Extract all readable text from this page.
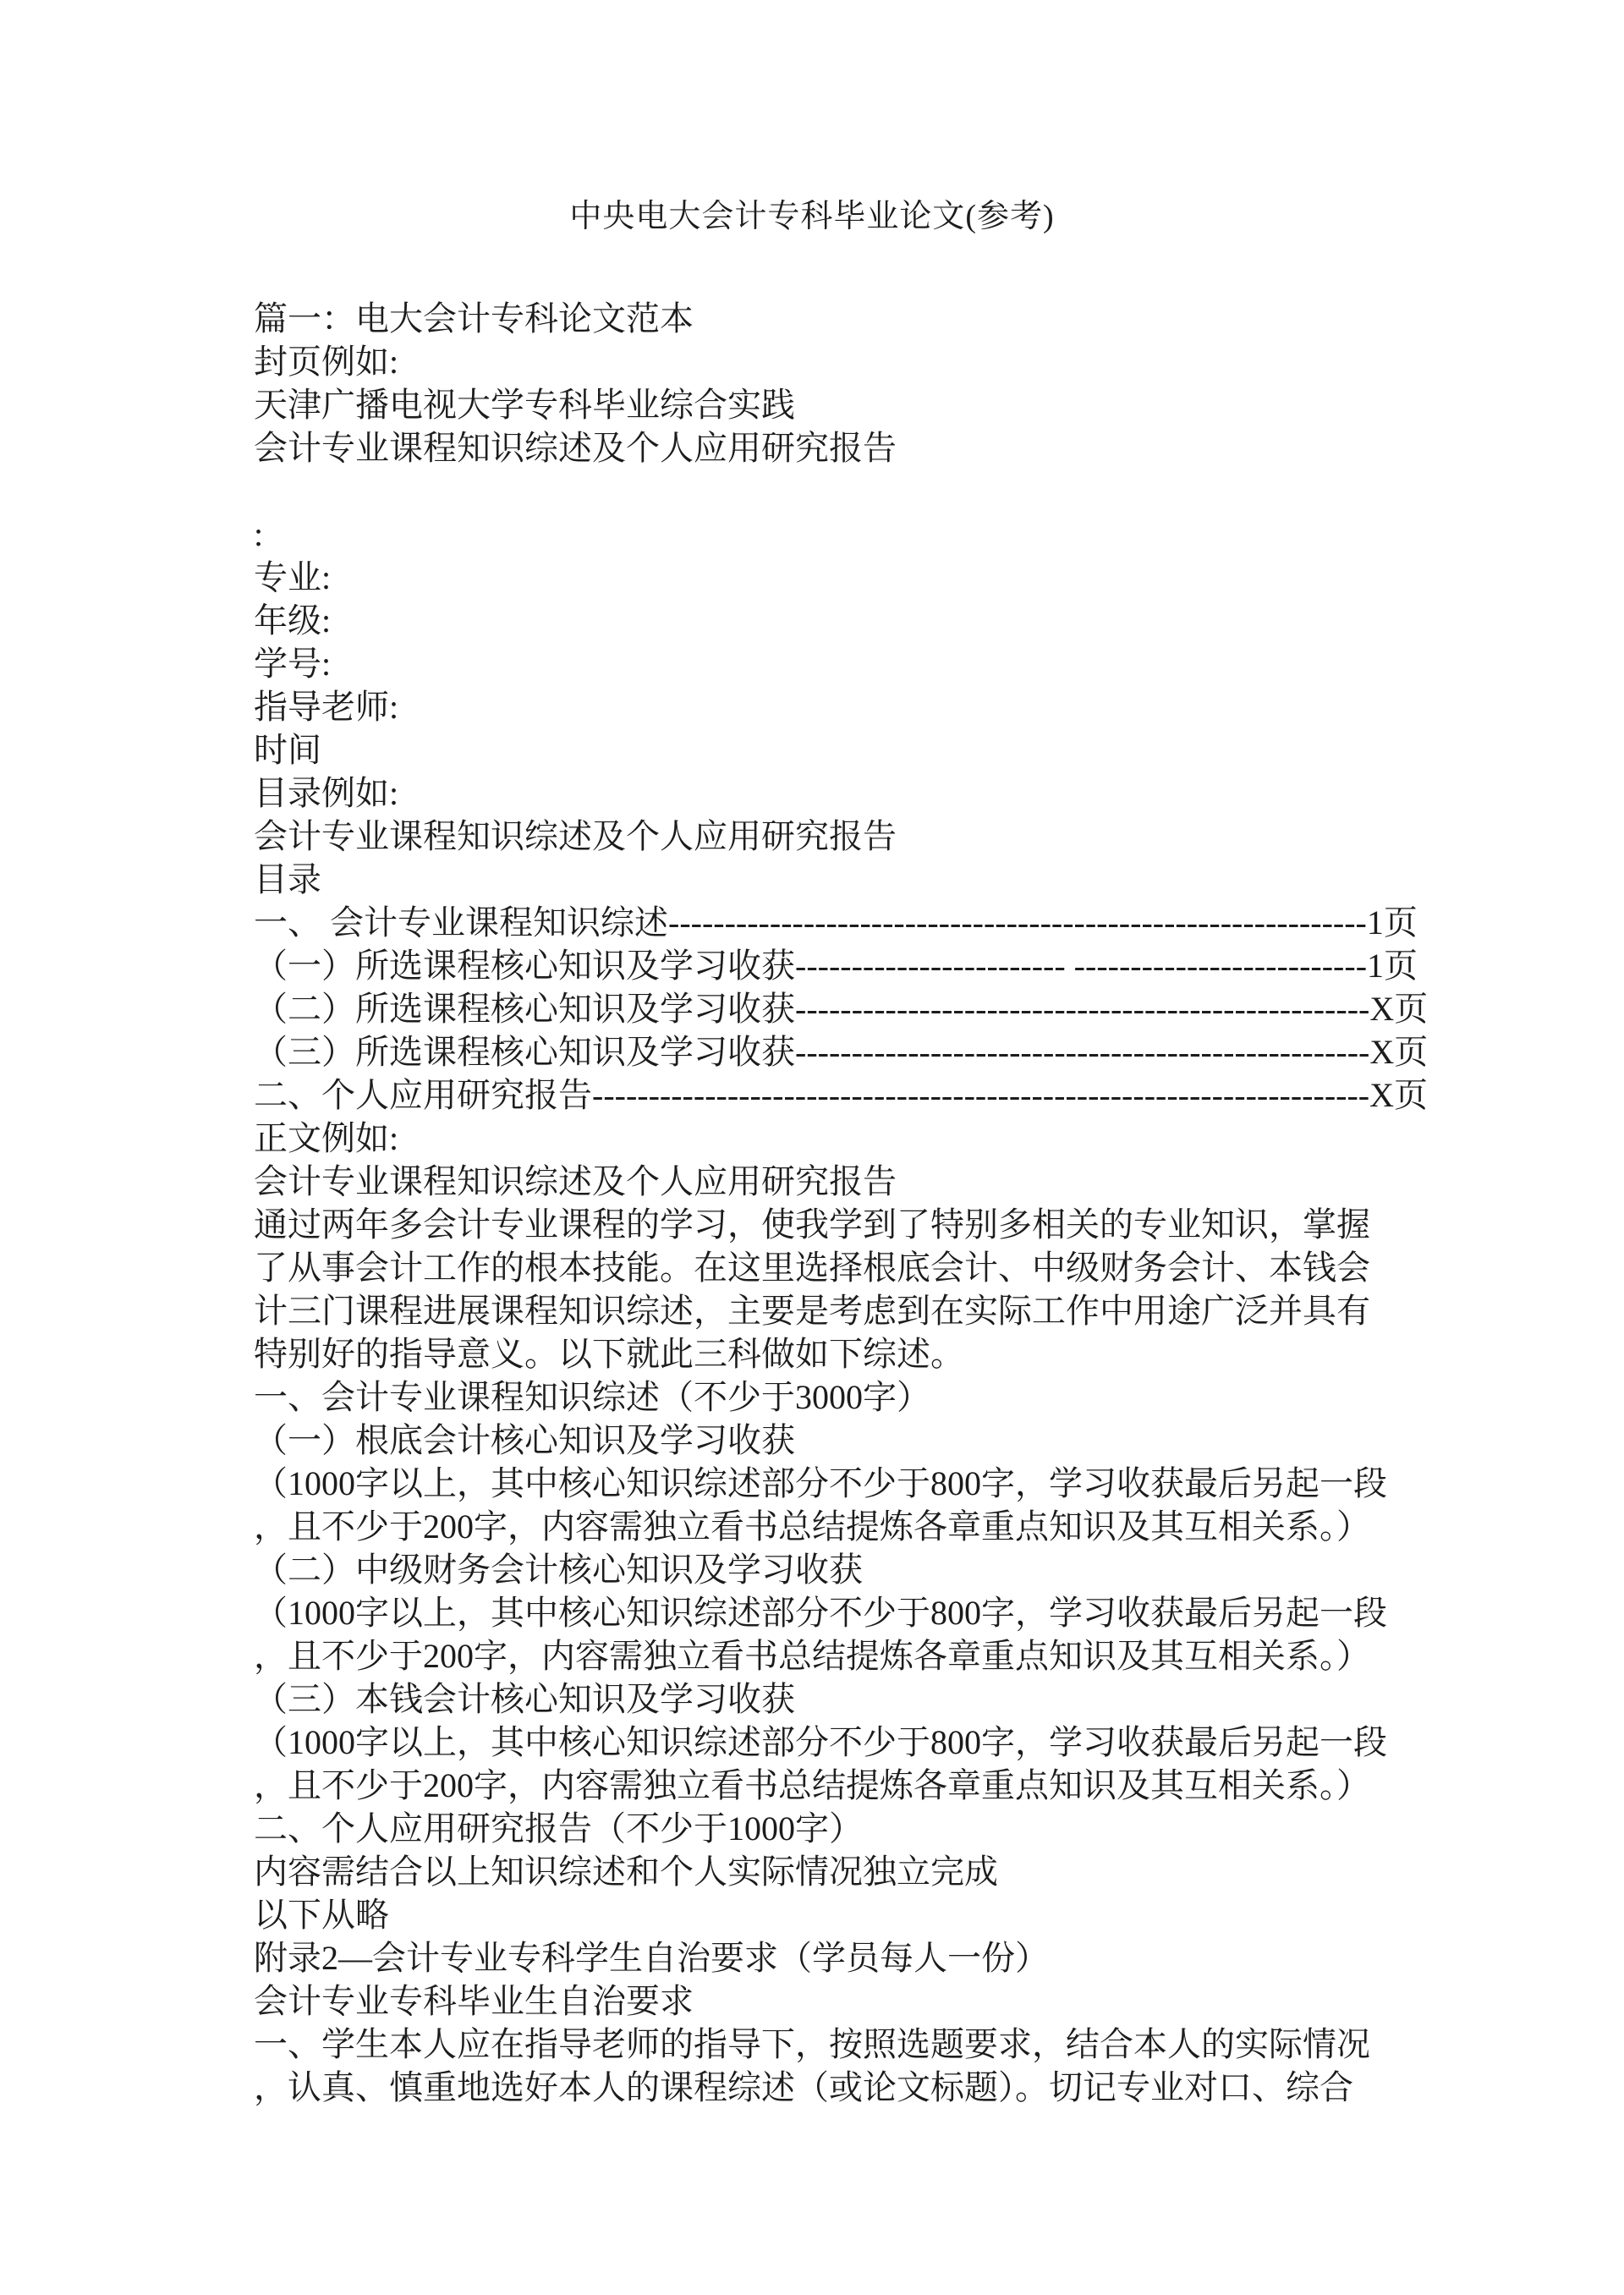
中央电大会计专科毕业论文(参考)
篇一：电大会计专科论文范本
封页例如:
天津广播电视大学专科毕业综合实践
会计专业课程知识综述及个人应用研究报告
:
专业:
年级:
学号:
指导老师:
时间
目录例如:
会计专业课程知识综述及个人应用研究报告
目录
一、 会计专业课程知识综述--------------------------------------------------------------1页
（一）所选课程核心知识及学习收获------------------------ --------------------------1页
（二）所选课程核心知识及学习收获---------------------------------------------------X页
（三）所选课程核心知识及学习收获---------------------------------------------------X页
二、个人应用研究报告---------------------------------------------------------------------X页
正文例如:
会计专业课程知识综述及个人应用研究报告
通过两年多会计专业课程的学习，使我学到了特别多相关的专业知识，掌握
了从事会计工作的根本技能。在这里选择根底会计、中级财务会计、本钱会
计三门课程进展课程知识综述，主要是考虑到在实际工作中用途广泛并具有
特别好的指导意义。以下就此三科做如下综述。
一、会计专业课程知识综述（不少于3000字）
（一）根底会计核心知识及学习收获
（1000字以上，其中核心知识综述部分不少于800字，学习收获最后另起一段
，且不少于200字，内容需独立看书总结提炼各章重点知识及其互相关系。）
（二）中级财务会计核心知识及学习收获
（1000字以上，其中核心知识综述部分不少于800字，学习收获最后另起一段
，且不少于200字，内容需独立看书总结提炼各章重点知识及其互相关系。）
（三）本钱会计核心知识及学习收获
（1000字以上，其中核心知识综述部分不少于800字，学习收获最后另起一段
，且不少于200字，内容需独立看书总结提炼各章重点知识及其互相关系。）
二、个人应用研究报告（不少于1000字）
内容需结合以上知识综述和个人实际情况独立完成
以下从略
附录2—会计专业专科学生自治要求（学员每人一份）
会计专业专科毕业生自治要求
一、学生本人应在指导老师的指导下，按照选题要求，结合本人的实际情况
，认真、慎重地选好本人的课程综述（或论文标题）。切记专业对口、综合
